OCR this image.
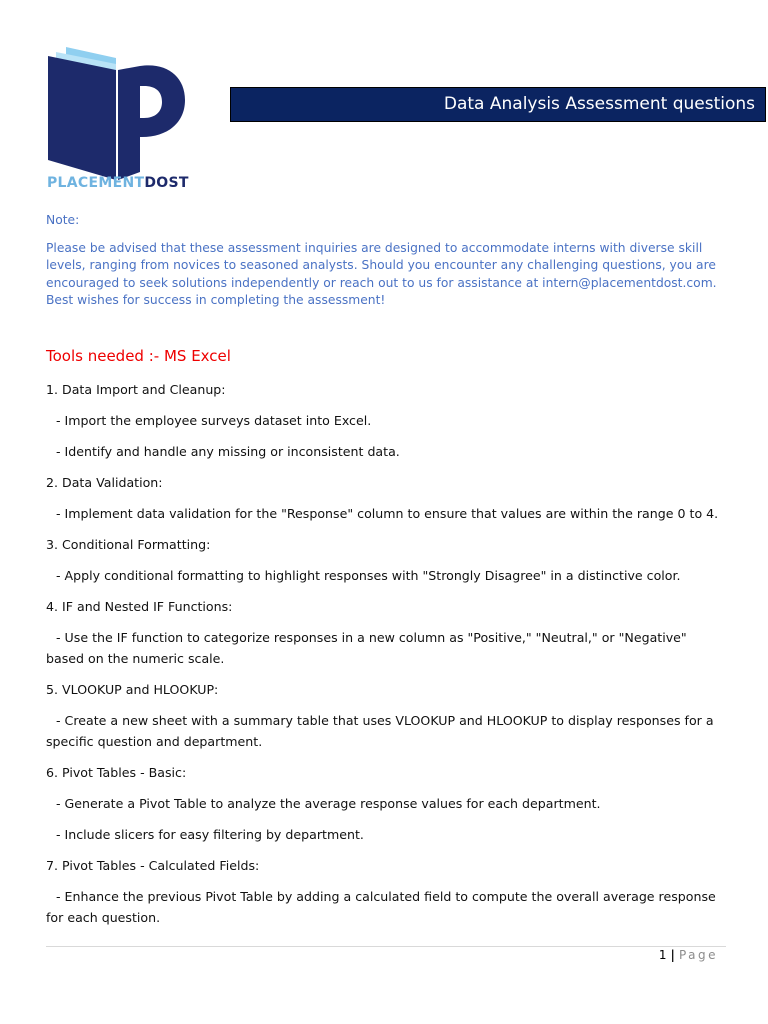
PLACEMENTDOST
Data Analysis Assessment questions
Note:
Please be advised that these assessment inquiries are designed to accommodate interns with diverse skill levels, ranging from novices to seasoned analysts. Should you encounter any challenging questions, you are encouraged to seek solutions independently or reach out to us for assistance at intern@placementdost.com. Best wishes for success in completing the assessment!
Tools needed :- MS Excel

1. Data Import and Cleanup:

- Import the employee surveys dataset into Excel.

- Identify and handle any missing or inconsistent data.

2. Data Validation:

- Implement data validation for the "Response" column to ensure that values are within the range 0 to 4.

3. Conditional Formatting:

- Apply conditional formatting to highlight responses with "Strongly Disagree" in a distinctive color.

4. IF and Nested IF Functions:

- Use the IF function to categorize responses in a new column as "Positive," "Neutral," or "Negative" based on the numeric scale.

5. VLOOKUP and HLOOKUP:

- Create a new sheet with a summary table that uses VLOOKUP and HLOOKUP to display responses for a specific question and department.

6. Pivot Tables - Basic:

- Generate a Pivot Table to analyze the average response values for each department.

- Include slicers for easy filtering by department.

7. Pivot Tables - Calculated Fields:

- Enhance the previous Pivot Table by adding a calculated field to compute the overall average response for each question.

1 | Page
